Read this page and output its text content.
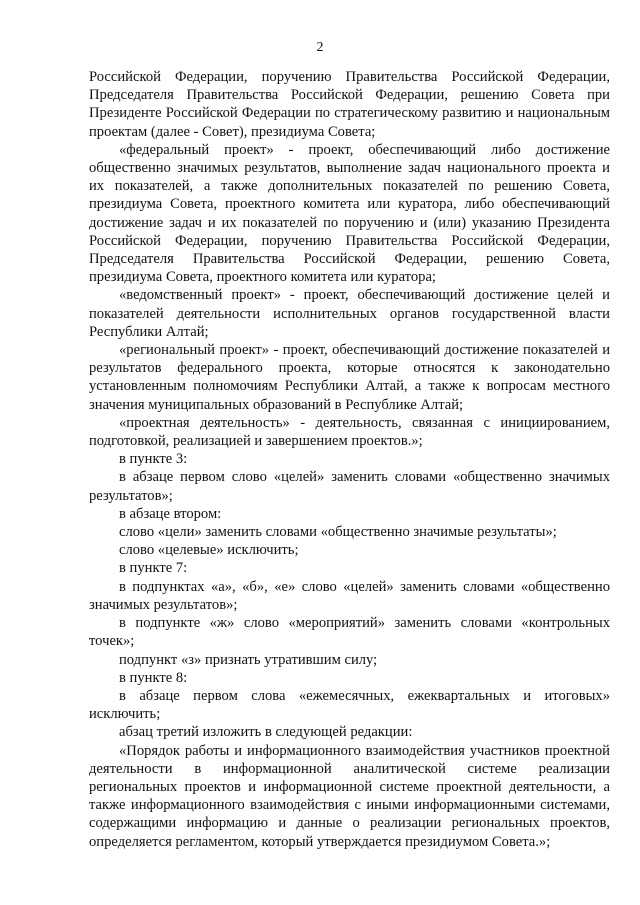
2

Российской Федерации, поручению Правительства Российской Федерации, Председателя Правительства Российской Федерации, решению Совета при Президенте Российской Федерации по стратегическому развитию и национальным проектам (далее - Совет), президиума Совета;

«федеральный проект» - проект, обеспечивающий либо достижение общественно значимых результатов, выполнение задач национального проекта и их показателей, а также дополнительных показателей по решению Совета, президиума Совета, проектного комитета или куратора, либо обеспечивающий достижение задач и их показателей по поручению и (или) указанию Президента Российской Федерации, поручению Правительства Российской Федерации, Председателя Правительства Российской Федерации, решению Совета, президиума Совета, проектного комитета или куратора;

«ведомственный проект» - проект, обеспечивающий достижение целей и показателей деятельности исполнительных органов государственной власти Республики Алтай;

«региональный проект» - проект, обеспечивающий достижение показателей и результатов федерального проекта, которые относятся к законодательно установленным полномочиям Республики Алтай, а также к вопросам местного значения муниципальных образований в Республике Алтай;

«проектная деятельность» - деятельность, связанная с инициированием, подготовкой, реализацией и завершением проектов.»;

в пункте 3:

в абзаце первом слово «целей» заменить словами «общественно значимых результатов»;

в абзаце втором:

слово «цели» заменить словами «общественно значимые результаты»;

слово «целевые» исключить;

в пункте 7:

в подпунктах «а», «б», «е» слово «целей» заменить словами «общественно значимых результатов»;

в подпункте «ж» слово «мероприятий» заменить словами «контрольных точек»;

подпункт «з» признать утратившим силу;

в пункте 8:

в абзаце первом слова «ежемесячных, ежеквартальных и итоговых» исключить;

абзац третий изложить в следующей редакции:

«Порядок работы и информационного взаимодействия участников проектной деятельности в информационной аналитической системе реализации региональных проектов и информационной системе проектной деятельности, а также информационного взаимодействия с иными информационными системами, содержащими информацию и данные о реализации региональных проектов, определяется регламентом, который утверждается президиумом Совета.»;
